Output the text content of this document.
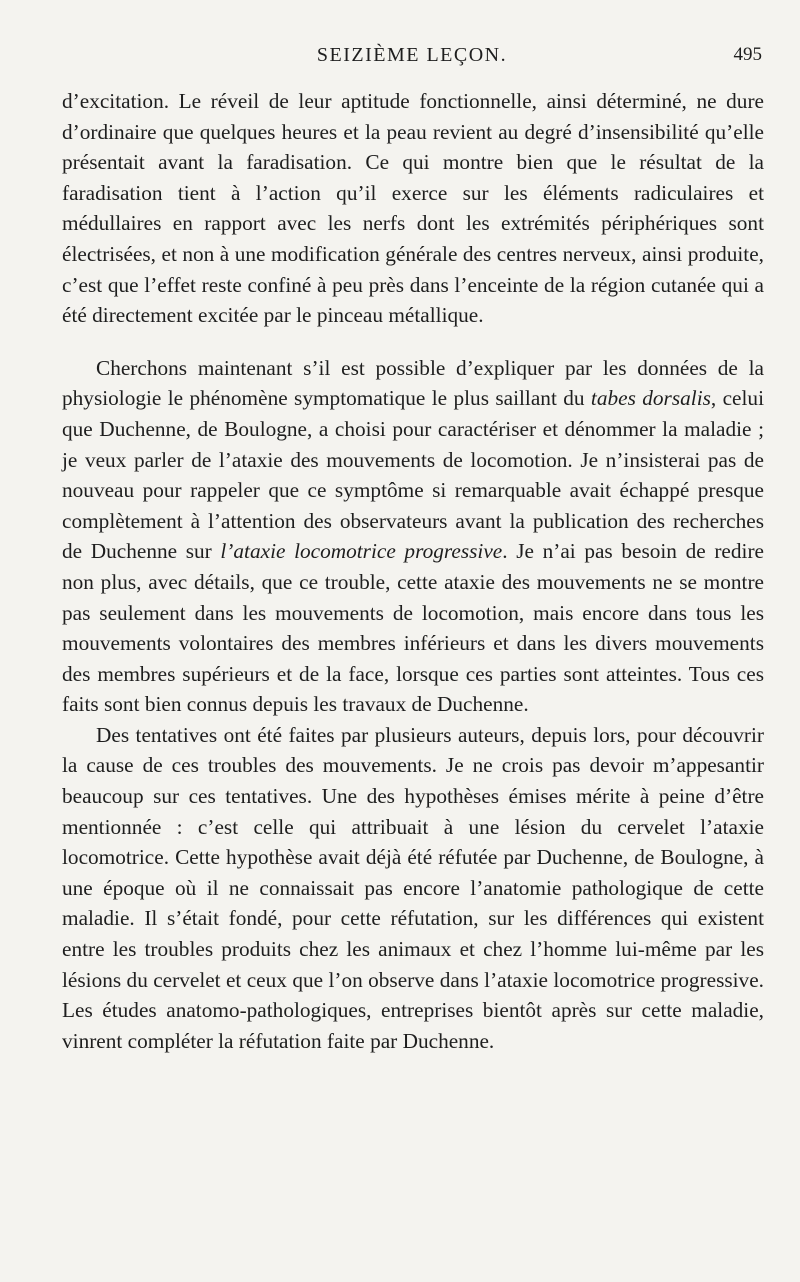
SEIZIÈME LEÇON.	495

d’excitation. Le réveil de leur aptitude fonctionnelle, ainsi déterminé, ne dure d’ordinaire que quelques heures et la peau revient au degré d’insensibilité qu’elle présentait avant la faradisation. Ce qui montre bien que le résultat de la faradisation tient à l’action qu’il exerce sur les éléments radiculaires et médullaires en rapport avec les nerfs dont les extrémités périphériques sont électrisées, et non à une modification générale des centres nerveux, ainsi produite, c’est que l’effet reste confiné à peu près dans l’enceinte de la région cutanée qui a été directement excitée par le pinceau métallique.

Cherchons maintenant s’il est possible d’expliquer par les données de la physiologie le phénomène symptomatique le plus saillant du tabes dorsalis, celui que Duchenne, de Boulogne, a choisi pour caractériser et dénommer la maladie ; je veux parler de l’ataxie des mouvements de locomotion. Je n’insisterai pas de nouveau pour rappeler que ce symptôme si remarquable avait échappé presque complètement à l’attention des observateurs avant la publication des recherches de Duchenne sur l’ataxie locomotrice progressive. Je n’ai pas besoin de redire non plus, avec détails, que ce trouble, cette ataxie des mouvements ne se montre pas seulement dans les mouvements de locomotion, mais encore dans tous les mouvements volontaires des membres inférieurs et dans les divers mouvements des membres supérieurs et de la face, lorsque ces parties sont atteintes. Tous ces faits sont bien connus depuis les travaux de Duchenne.

Des tentatives ont été faites par plusieurs auteurs, depuis lors, pour découvrir la cause de ces troubles des mouvements. Je ne crois pas devoir m’appesantir beaucoup sur ces tentatives. Une des hypothèses émises mérite à peine d’être mentionnée : c’est celle qui attribuait à une lésion du cervelet l’ataxie locomotrice. Cette hypothèse avait déjà été réfutée par Duchenne, de Boulogne, à une époque où il ne connaissait pas encore l’anatomie pathologique de cette maladie. Il s’était fondé, pour cette réfutation, sur les différences qui existent entre les troubles produits chez les animaux et chez l’homme lui-même par les lésions du cervelet et ceux que l’on observe dans l’ataxie locomotrice progressive. Les études anatomo-pathologiques, entreprises bientôt après sur cette maladie, vinrent compléter la réfutation faite par Duchenne.
